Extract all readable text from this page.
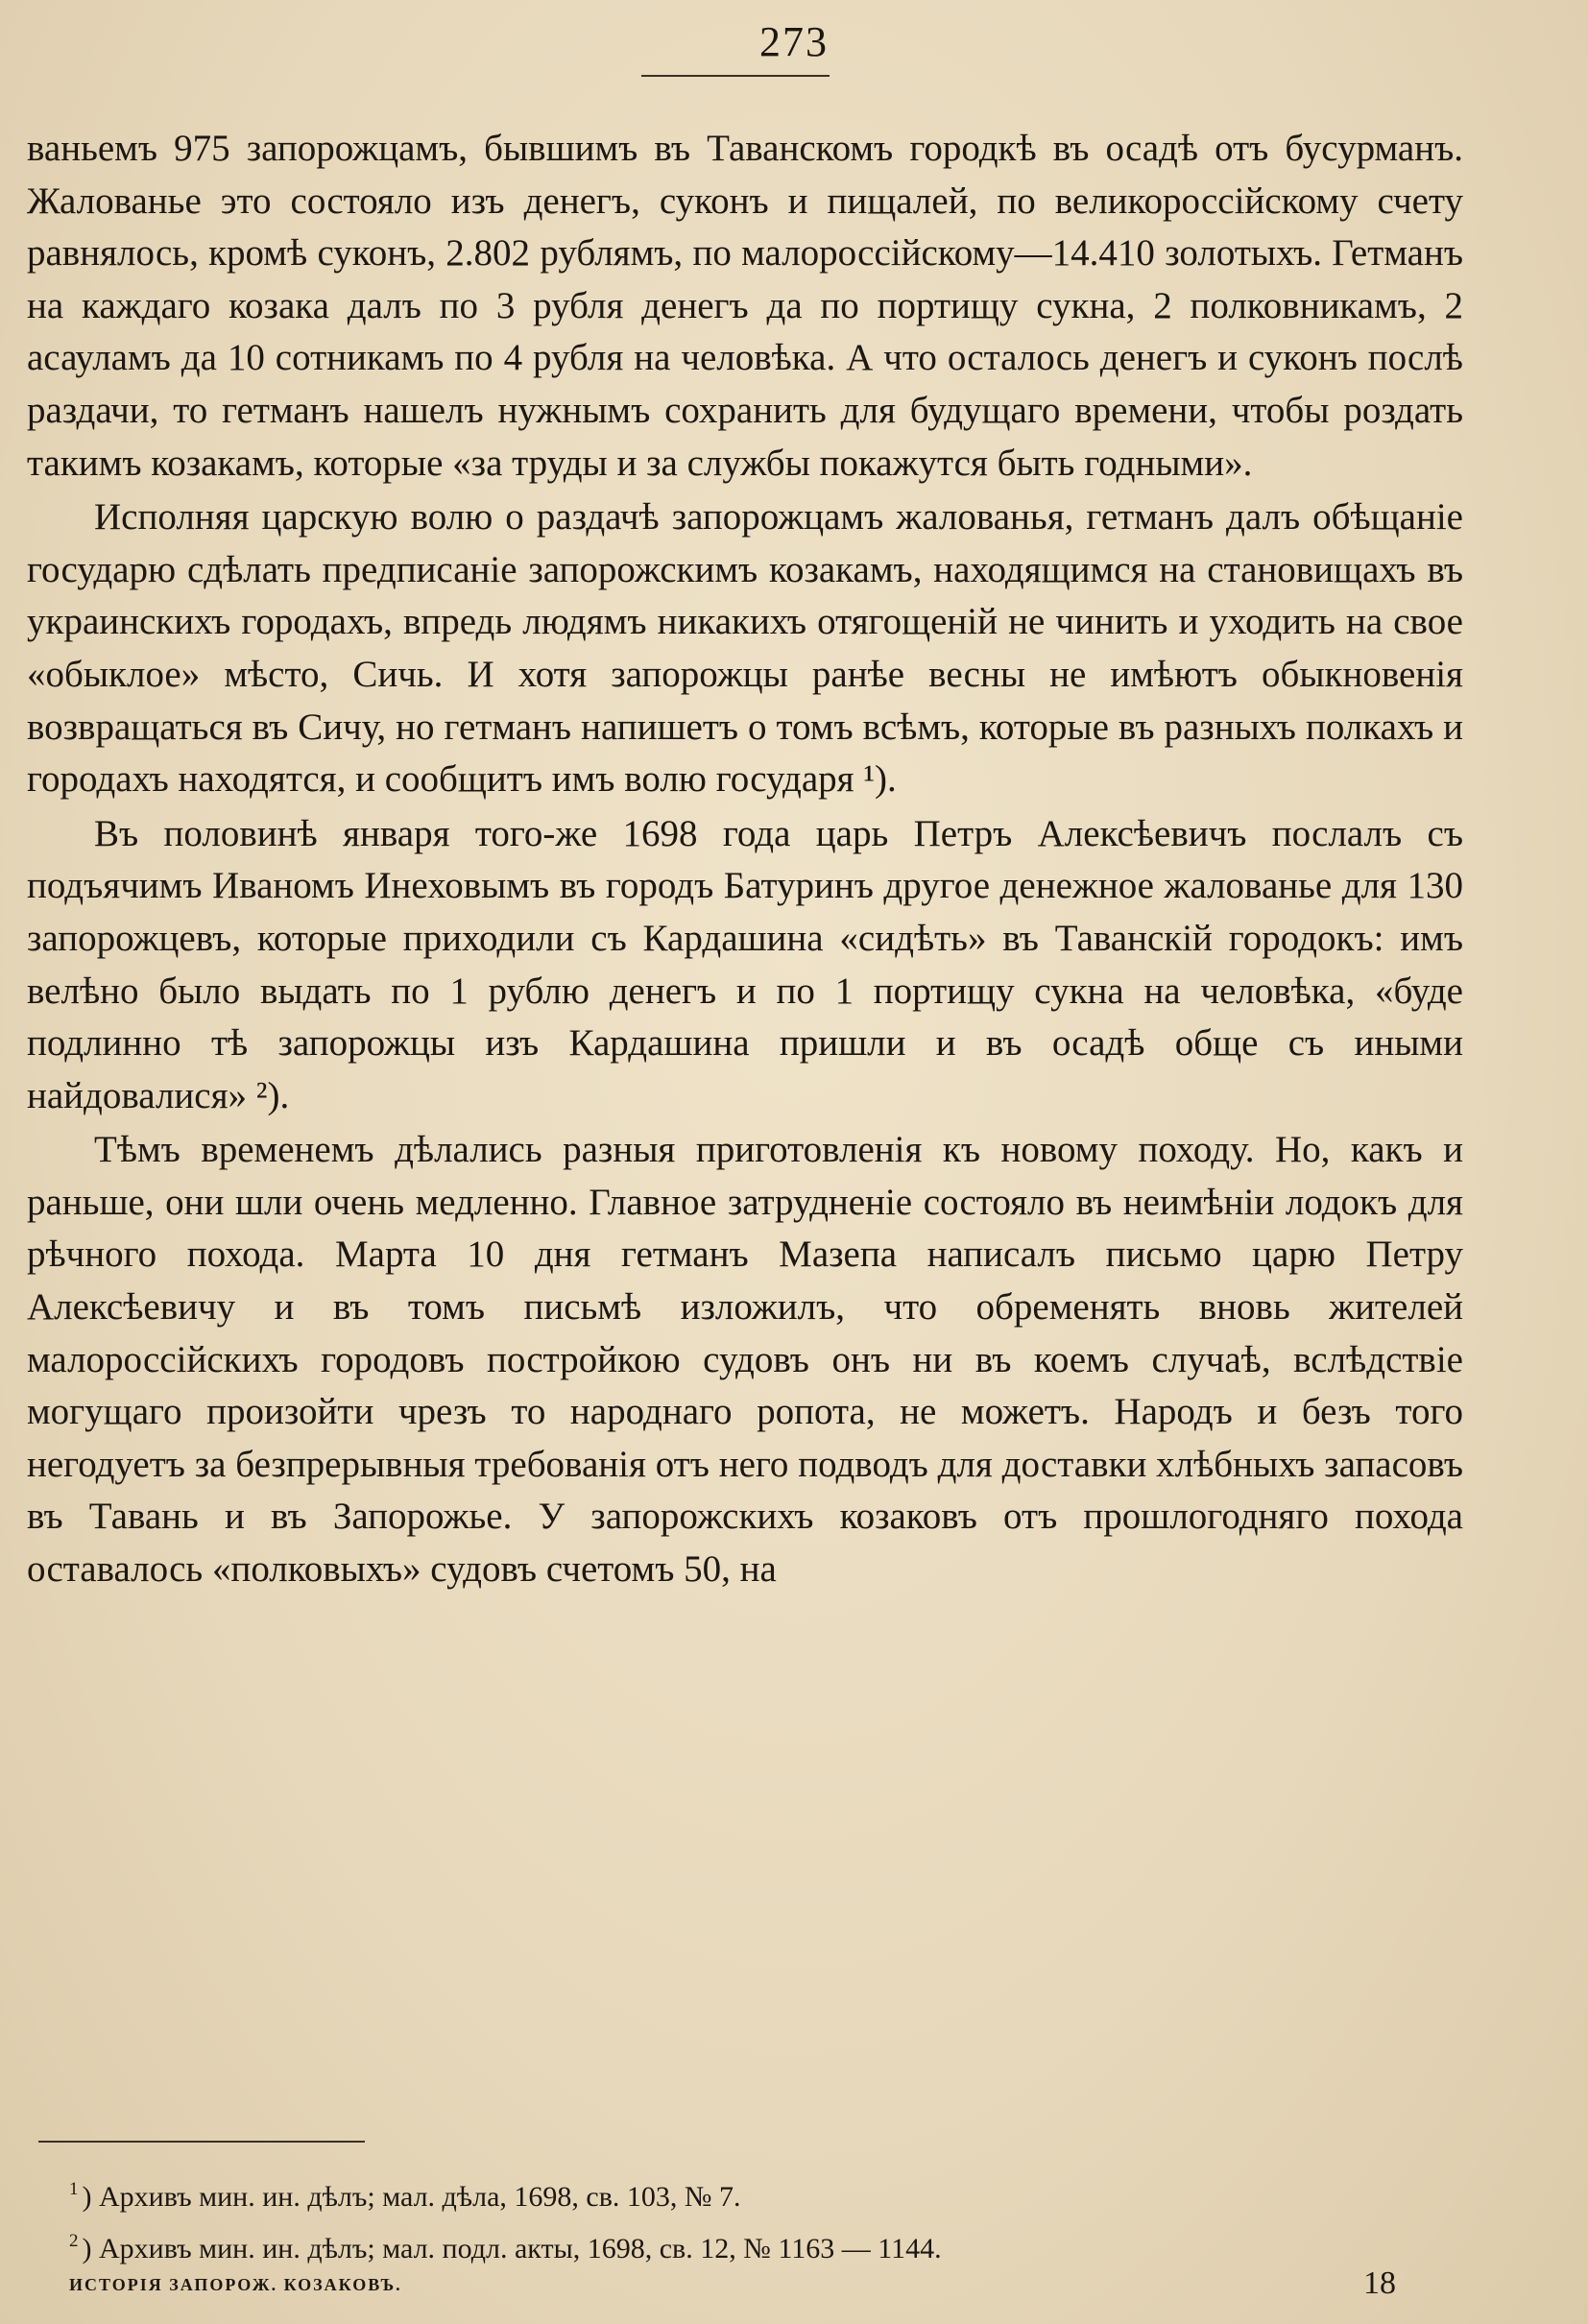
273

ваньемъ 975 запорожцамъ, бывшимъ въ Таванскомъ городкѣ въ осадѣ отъ бусурманъ. Жалованье это состояло изъ денегъ, суконъ и пищалей, по великороссійскому счету равнялось, кромѣ суконъ, 2.802 рублямъ, по малороссійскому—14.410 золотыхъ. Гетманъ на каждаго козака далъ по 3 рубля денегъ да по портищу сукна, 2 полковникамъ, 2 асауламъ да 10 сотникамъ по 4 рубля на человѣка. А что осталось денегъ и суконъ послѣ раздачи, то гетманъ нашелъ нужнымъ сохранить для будущаго времени, чтобы роздать такимъ козакамъ, которые «за труды и за службы покажутся быть годными».

Исполняя царскую волю о раздачѣ запорожцамъ жалованья, гетманъ далъ обѣщаніе государю сдѣлать предписаніе запорожскимъ козакамъ, находящимся на становищахъ въ украинскихъ городахъ, впредь людямъ никакихъ отягощеній не чинить и уходить на свое «обыклое» мѣсто, Сичь. И хотя запорожцы ранѣе весны не имѣютъ обыкновенія возвращаться въ Сичу, но гетманъ напишетъ о томъ всѣмъ, которые въ разныхъ полкахъ и городахъ находятся, и сообщитъ имъ волю государя ¹).

Въ половинѣ января того-же 1698 года царь Петръ Алексѣевичъ послалъ съ подъячимъ Иваномъ Инеховымъ въ городъ Батуринъ другое денежное жалованье для 130 запорожцевъ, которые приходили съ Кардашина «сидѣть» въ Таванскій городокъ: имъ велѣно было выдать по 1 рублю денегъ и по 1 портищу сукна на человѣка, «буде подлинно тѣ запорожцы изъ Кардашина пришли и въ осадѣ обще съ иными найдовалися» ²).

Тѣмъ временемъ дѣлались разныя приготовленія къ новому походу. Но, какъ и раньше, они шли очень медленно. Главное затрудненіе состояло въ неимѣніи лодокъ для рѣчного похода. Марта 10 дня гетманъ Мазепа написалъ письмо царю Петру Алексѣевичу и въ томъ письмѣ изложилъ, что обременять вновь жителей малороссійскихъ городовъ постройкою судовъ онъ ни въ коемъ случаѣ, вслѣдствіе могущаго произойти чрезъ то народнаго ропота, не можетъ. Народъ и безъ того негодуетъ за безпрерывныя требованія отъ него подводъ для доставки хлѣбныхъ запасовъ въ Тавань и въ Запорожье. У запорожскихъ козаковъ отъ прошлогодняго похода оставалось «полковыхъ» судовъ счетомъ 50, на

$^1$ ) Архивъ мин. ин. дѣлъ; мал. дѣла, 1698, св. 103, № 7.
$^2$ ) Архивъ мин. ин. дѣлъ; мал. подл. акты, 1698, св. 12, № 1163 — 1144.
ИСТОРІЯ ЗАПОРОЖ. КОЗАКОВЪ.	18
